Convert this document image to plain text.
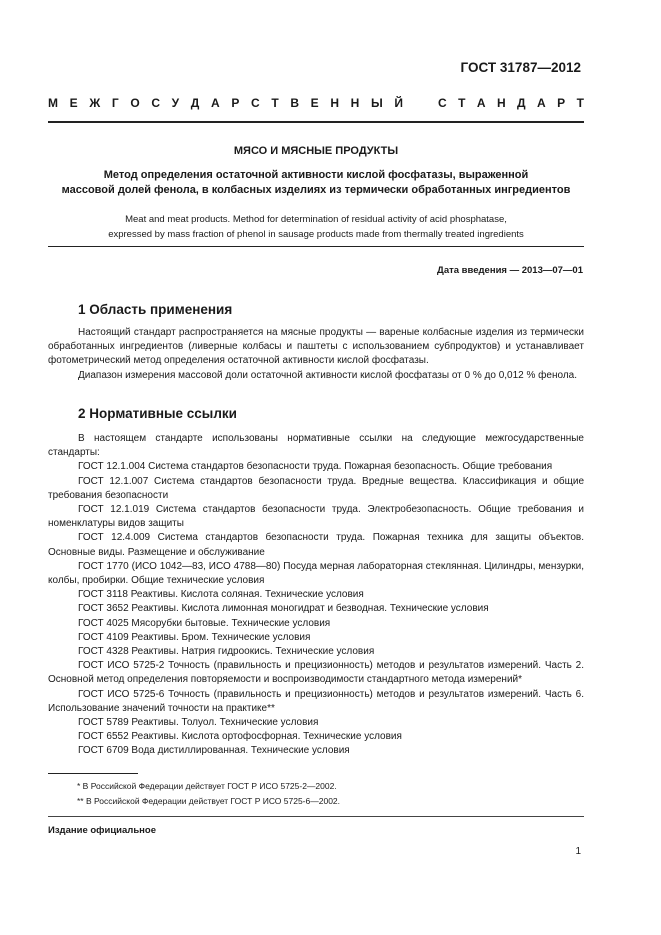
ГОСТ 31787—2012
М Е Ж Г О С У Д А Р С Т В Е Н Н Ы Й	С Т А Н Д А Р Т
МЯСО И МЯСНЫЕ ПРОДУКТЫ
Метод определения остаточной активности кислой фосфатазы, выраженной
массовой долей фенола, в колбасных изделиях из термически обработанных ингредиентов
Meat and meat products. Method for determination of residual activity of acid phosphatase,
expressed by mass fraction of phenol in sausage products made from thermally treated ingredients
Дата введения — 2013—07—01
1 Область применения

Настоящий стандарт распространяется на мясные продукты — вареные колбасные изделия из термически обработанных ингредиентов (ливерные колбасы и паштеты с использованием субпродуктов) и устанавливает фотометрический метод определения остаточной активности кислой фосфатазы.

Диапазон измерения массовой доли остаточной активности кислой фосфатазы от 0 % до 0,012 % фенола.

2 Нормативные ссылки

В настоящем стандарте использованы нормативные ссылки на следующие межгосударственные стандарты:

ГОСТ 12.1.004 Система стандартов безопасности труда. Пожарная безопасность. Общие требования

ГОСТ 12.1.007 Система стандартов безопасности труда. Вредные вещества. Классификация и общие требования безопасности

ГОСТ 12.1.019 Система стандартов безопасности труда. Электробезопасность. Общие требования и номенклатуры видов защиты

ГОСТ 12.4.009 Система стандартов безопасности труда. Пожарная техника для защиты объектов. Основные виды. Размещение и обслуживание

ГОСТ 1770 (ИСО 1042—83, ИСО 4788—80) Посуда мерная лабораторная стеклянная. Цилиндры, мензурки, колбы, пробирки. Общие технические условия

ГОСТ 3118 Реактивы. Кислота соляная. Технические условия

ГОСТ 3652 Реактивы. Кислота лимонная моногидрат и безводная. Технические условия

ГОСТ 4025 Мясорубки бытовые. Технические условия

ГОСТ 4109 Реактивы. Бром. Технические условия

ГОСТ 4328 Реактивы. Натрия гидроокись. Технические условия

ГОСТ ИСО 5725-2 Точность (правильность и прецизионность) методов и результатов измерений. Часть 2. Основной метод определения повторяемости и воспроизводимости стандартного метода измерений*

ГОСТ ИСО 5725-6 Точность (правильность и прецизионность) методов и результатов измерений. Часть 6. Использование значений точности на практике**

ГОСТ 5789 Реактивы. Толуол. Технические условия

ГОСТ 6552 Реактивы. Кислота ортофосфорная. Технические условия

ГОСТ 6709 Вода дистиллированная. Технические условия

* В Российской Федерации действует ГОСТ Р ИСО 5725-2—2002.
** В Российской Федерации действует ГОСТ Р ИСО 5725-6—2002.
Издание официальное
1
